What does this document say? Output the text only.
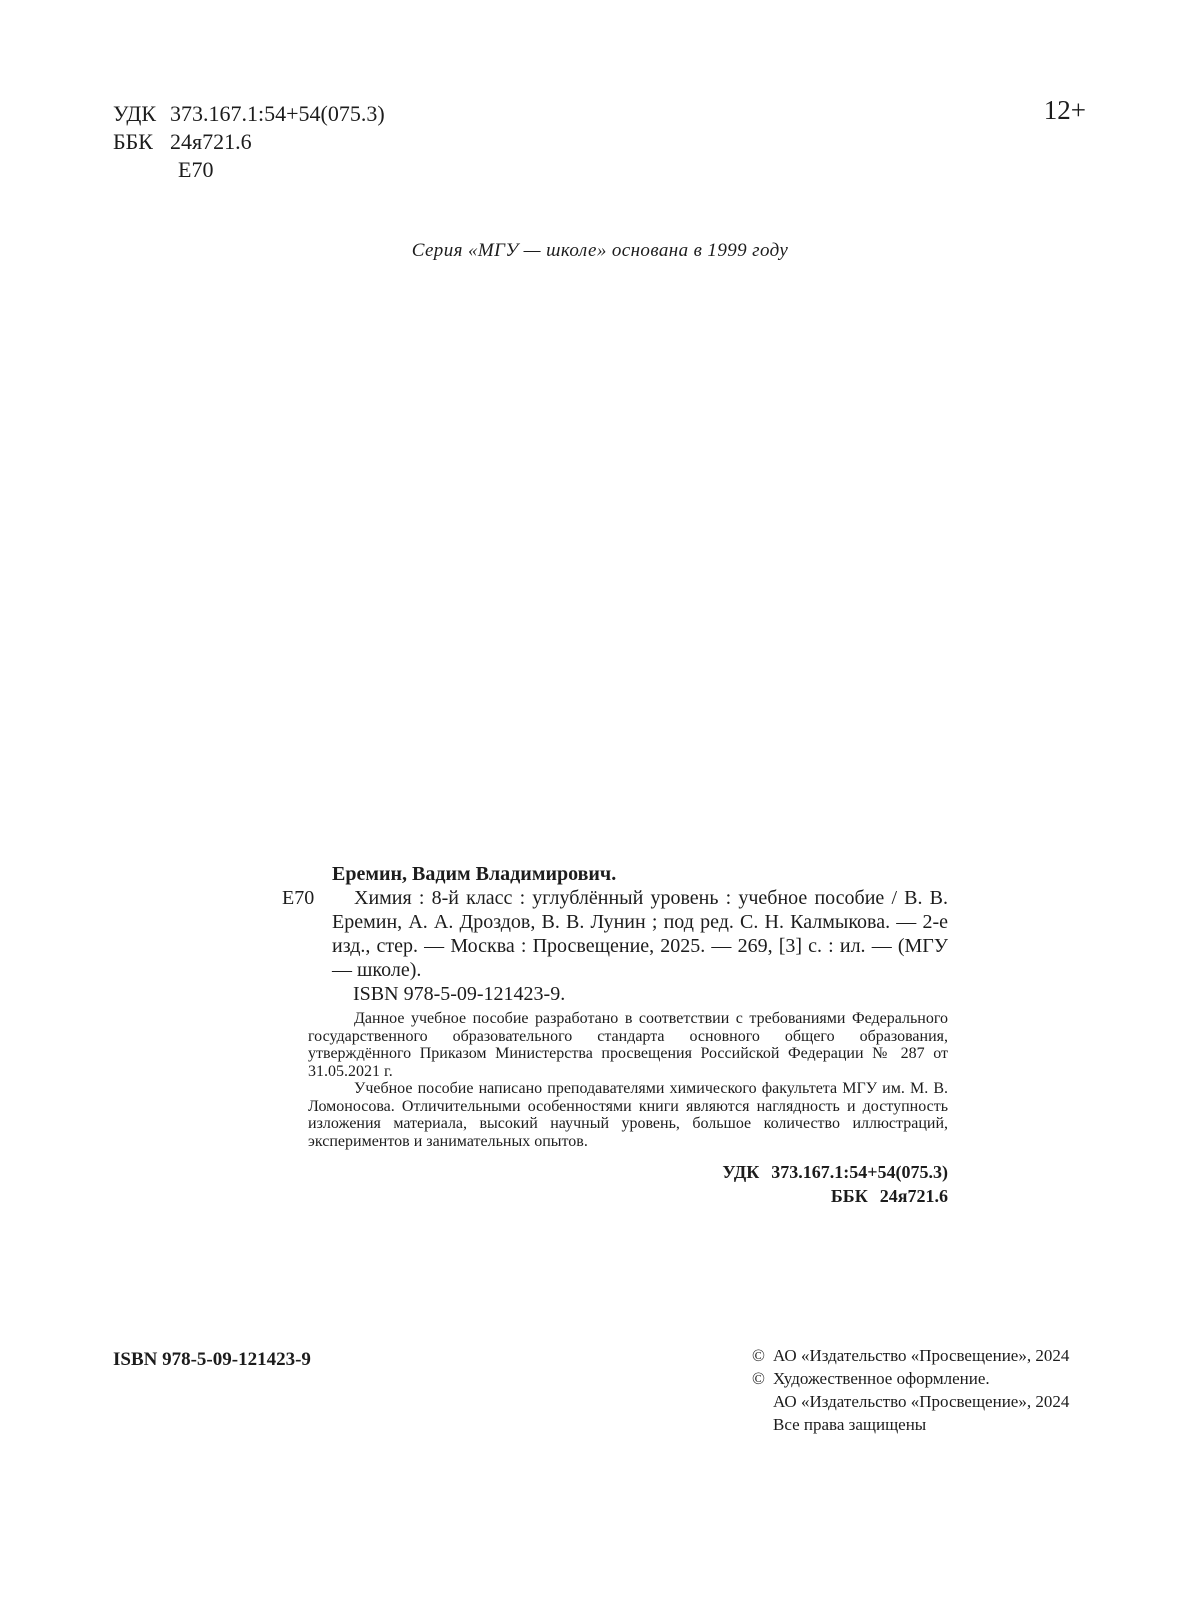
УДК 373.167.1:54+54(075.3)
ББК 24я721.6
Е70
12+
Серия «МГУ — школе» основана в 1999 году
Е70
Еремин, Вадим Владимирович.
Химия : 8-й класс : углублённый уровень : учебное пособие / В. В. Еремин, А. А. Дроздов, В. В. Лунин ; под ред. С. Н. Калмыкова. — 2-е изд., стер. — Москва : Просвещение, 2025. — 269, [3] с. : ил. — (МГУ — школе).
ISBN 978-5-09-121423-9.

Данное учебное пособие разработано в соответствии с требованиями Федерального государственного образовательного стандарта основного общего образования, утверждённого Приказом Министерства просвещения Российской Федерации № 287 от 31.05.2021 г.

Учебное пособие написано преподавателями химического факультета МГУ им. М. В. Ломоносова. Отличительными особенностями книги являются наглядность и доступность изложения материала, высокий научный уровень, большое количество иллюстраций, экспериментов и занимательных опытов.

УДК 373.167.1:54+54(075.3)
ББК 24я721.6
ISBN 978-5-09-121423-9	© АО «Издательство «Просвещение», 2024
© Художественное оформление.
АО «Издательство «Просвещение», 2024
Все права защищены
